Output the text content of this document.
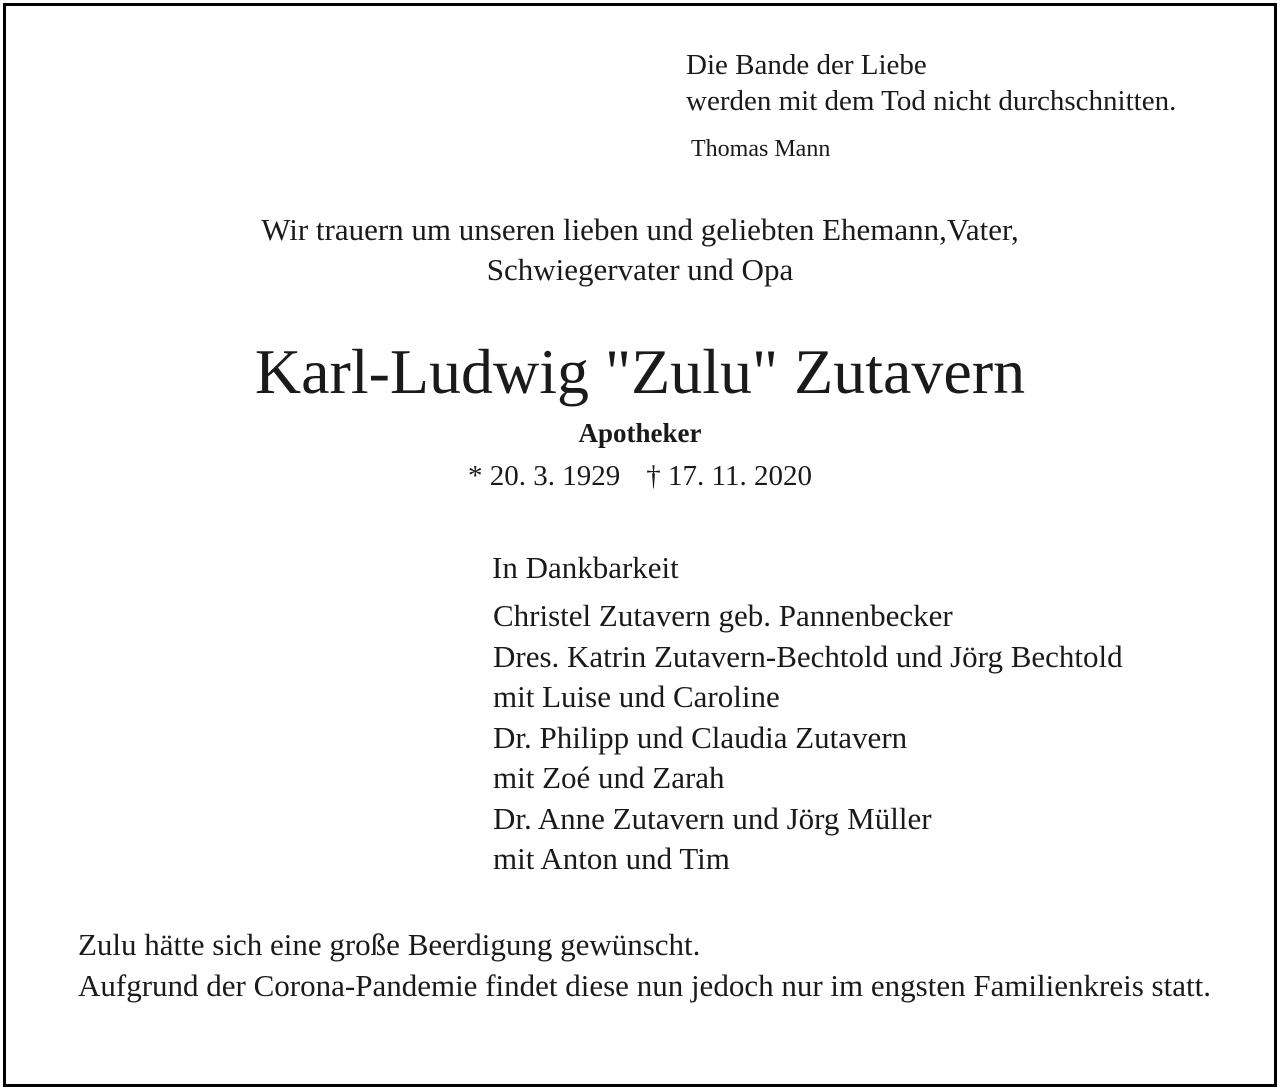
Die Bande der Liebe

werden mit dem Tod nicht durchschnitten.

Thomas Mann

Wir trauern um unseren lieben und geliebten Ehemann,Vater,

Schwiegervater und Opa

Karl-Ludwig "Zulu" Zutavern

Apotheker

* 20. 3. 1929 † 17. 11. 2020

In Dankbarkeit

Christel Zutavern geb. Pannenbecker
Dres. Katrin Zutavern-Bechtold und Jörg Bechtold
mit Luise und Caroline
Dr. Philipp und Claudia Zutavern
mit Zoé und Zarah
Dr. Anne Zutavern und Jörg Müller
mit Anton und Tim
Zulu hätte sich eine große Beerdigung gewünscht.
Aufgrund der Corona-Pandemie findet diese nun jedoch nur im engsten Familienkreis statt.
